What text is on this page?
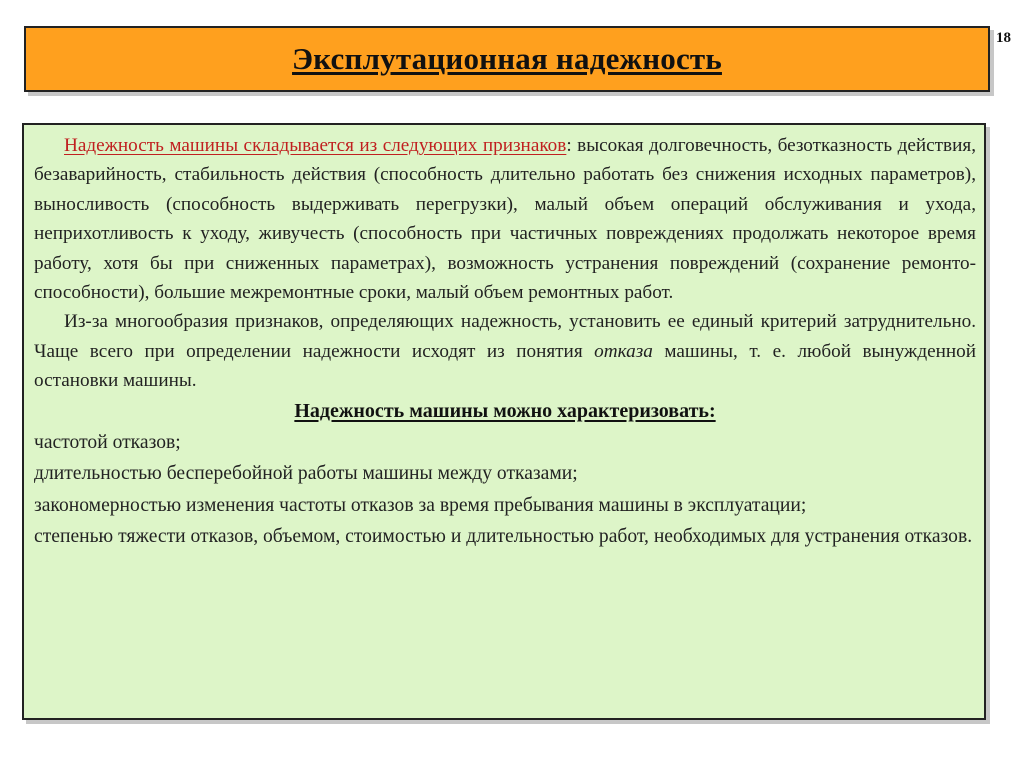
Эксплутационная надежность
18

Надежность машины складывается из следующих признаков: высокая долговечность, безотказность действия, безаварийность, стабильность действия (способность длительно работать без снижения исходных параметров), выносливость (способность выдерживать перегрузки), малый объем операций обслуживания и ухода, неприхотливость к уходу, живучесть (способность при частичных повреждениях продолжать некоторое время работу, хотя бы при сниженных параметрах), возможность устранения повреждений (сохранение ремонто-способности), большие межремонтные сроки, малый объем ремонтных работ.

Из-за многообразия признаков, определяющих надежность, установить ее единый критерий затруднительно. Чаще всего при определении надежности исходят из понятия отказа машины, т. е. любой вынужденной остановки машины.

Надежность машины можно характеризовать:

частотой отказов;
длительностью бесперебойной работы машины между отказами;
закономерностью изменения частоты отказов за время пребывания машины в эксплуатации;
степенью тяжести отказов, объемом, стоимостью и длительностью работ, необходимых для устранения отказов.
